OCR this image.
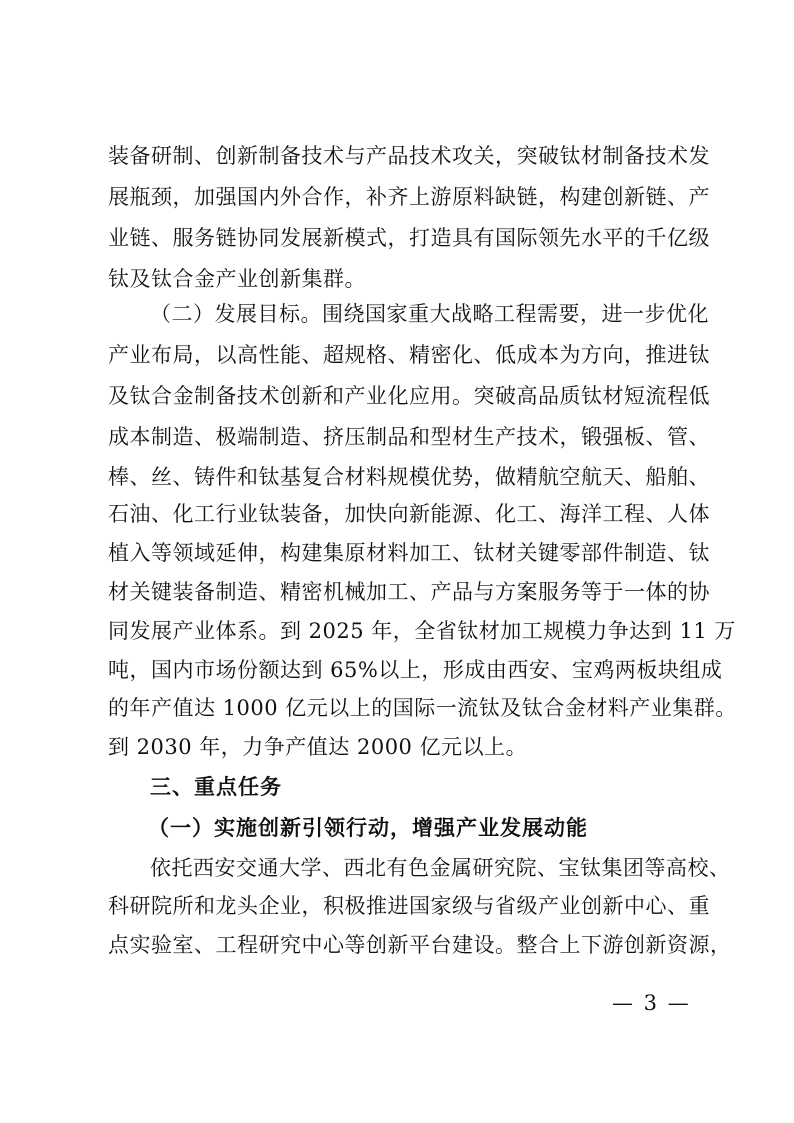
装备研制、创新制备技术与产品技术攻关，突破钛材制备技术发
展瓶颈，加强国内外合作，补齐上游原料缺链，构建创新链、产
业链、服务链协同发展新模式，打造具有国际领先水平的千亿级
钛及钛合金产业创新集群。
（二）发展目标。围绕国家重大战略工程需要，进一步优化
产业布局，以高性能、超规格、精密化、低成本为方向，推进钛
及钛合金制备技术创新和产业化应用。突破高品质钛材短流程低
成本制造、极端制造、挤压制品和型材生产技术，锻强板、管、
棒、丝、铸件和钛基复合材料规模优势，做精航空航天、船舶、
石油、化工行业钛装备，加快向新能源、化工、海洋工程、人体
植入等领域延伸，构建集原材料加工、钛材关键零部件制造、钛
材关键装备制造、精密机械加工、产品与方案服务等于一体的协
同发展产业体系。到 2025 年，全省钛材加工规模力争达到 11 万
吨，国内市场份额达到 65%以上，形成由西安、宝鸡两板块组成
的年产值达 1000 亿元以上的国际一流钛及钛合金材料产业集群。
到 2030 年，力争产值达 2000 亿元以上。
三、重点任务
（一）实施创新引领行动，增强产业发展动能
依托西安交通大学、西北有色金属研究院、宝钛集团等高校、
科研院所和龙头企业，积极推进国家级与省级产业创新中心、重
点实验室、工程研究中心等创新平台建设。整合上下游创新资源，
— 3 —
